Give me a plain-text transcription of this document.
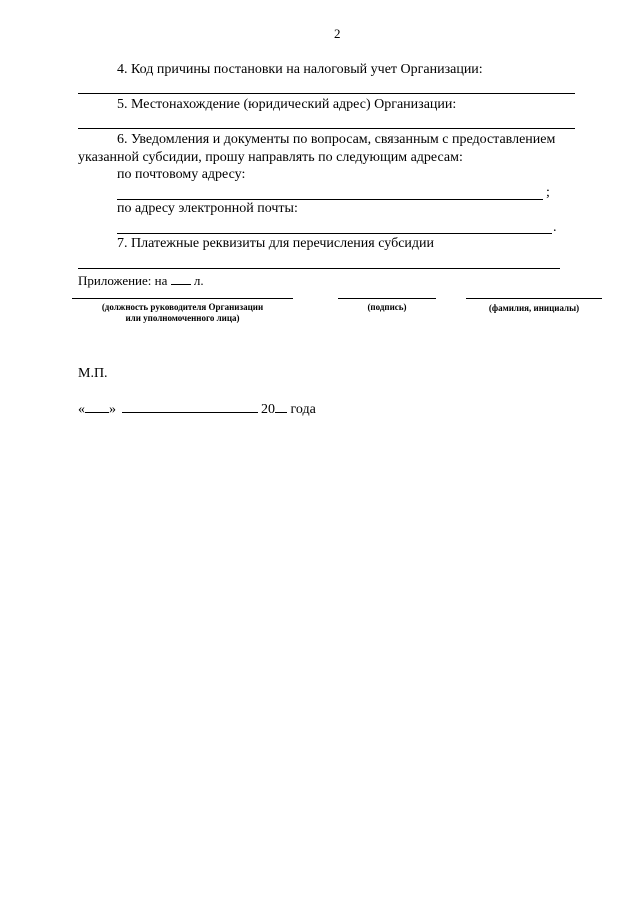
2
4. Код причины постановки на налоговый учет Организации:
5. Местонахождение (юридический адрес) Организации:
6. Уведомления и документы по вопросам, связанным с предоставлением
указанной субсидии, прошу направлять по следующим адресам:
по почтовому адресу:
;
по адресу электронной почты:
.
7. Платежные реквизиты для перечисления субсидии
Приложение: на л.
(должность руководителя Организации
или уполномоченного лица)
(подпись)	(фамилия, инициалы)
М.П.
« »	20 года
